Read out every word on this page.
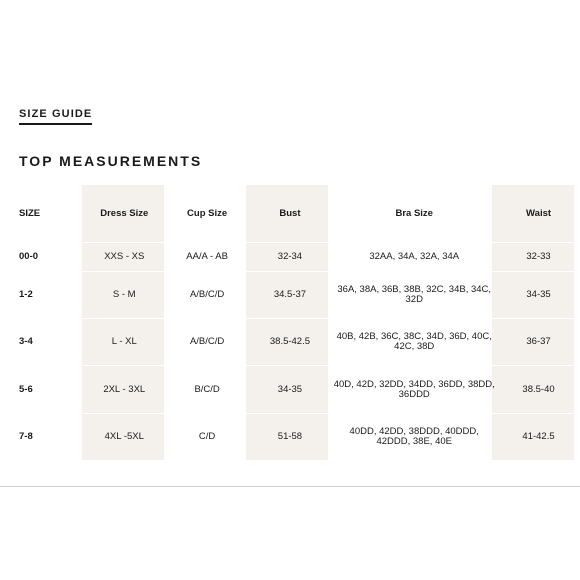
SIZE GUIDE
TOP MEASUREMENTS
SIZE	Dress Size	Cup Size	Bust	Bra Size	Waist
00-0	XXS - XS	AA/A - AB	32-34	32AA, 34A, 32A, 34A	32-33
1-2	S - M	A/B/C/D	34.5-37	36A, 38A, 36B, 38B, 32C, 34B, 34C, 32D	34-35
3-4	L - XL	A/B/C/D	38.5-42.5	40B, 42B, 36C, 38C, 34D, 36D, 40C, 42C, 38D	36-37
5-6	2XL - 3XL	B/C/D	34-35	40D, 42D, 32DD, 34DD, 36DD, 38DD, 36DDD	38.5-40
7-8	4XL -5XL	C/D	51-58	40DD, 42DD, 38DDD, 40DDD, 42DDD, 38E, 40E	41-42.5
